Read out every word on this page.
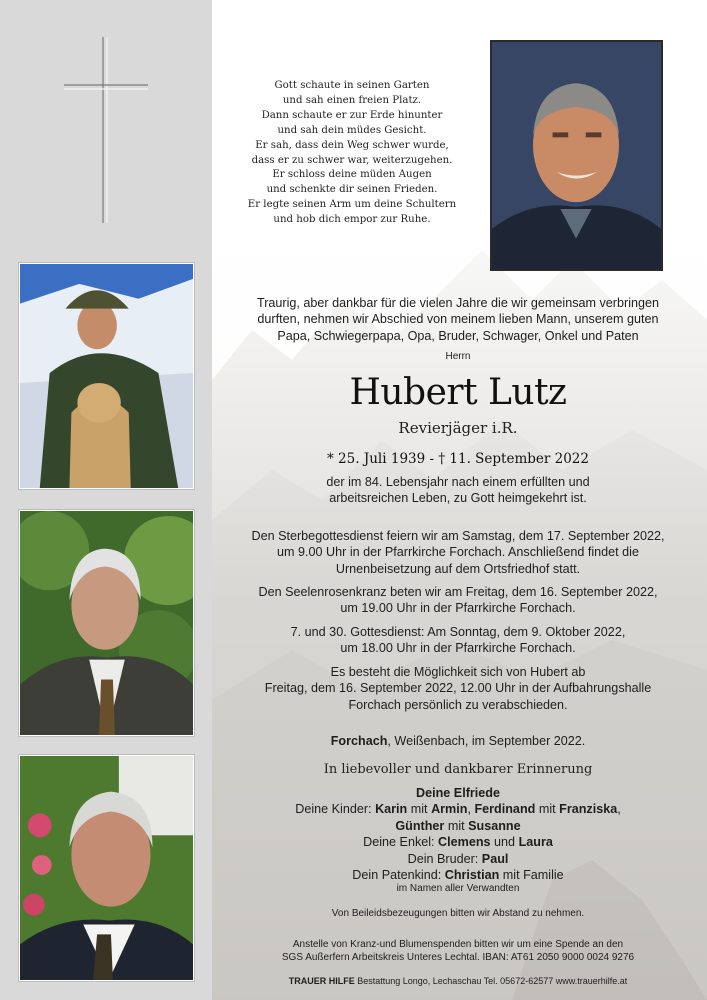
Gott schaute in seinen Garten
und sah einen freien Platz.
Dann schaute er zur Erde hinunter
und sah dein müdes Gesicht.
Er sah, dass dein Weg schwer wurde,
dass er zu schwer war, weiterzugehen.
Er schloss deine müden Augen
und schenkte dir seinen Frieden.
Er legte seinen Arm um deine Schultern
und hob dich empor zur Ruhe.
Traurig, aber dankbar für die vielen Jahre die wir gemeinsam verbringen
durften, nehmen wir Abschied von meinem lieben Mann, unserem guten
Papa, Schwiegerpapa, Opa, Bruder, Schwager, Onkel und Paten
Herrn
Hubert Lutz
Revierjäger i.R.
* 25. Juli 1939 - † 11. September 2022
der im 84. Lebensjahr nach einem erfüllten und
arbeitsreichen Leben, zu Gott heimgekehrt ist.
Den Sterbegottesdienst feiern wir am Samstag, dem 17. September 2022,
um 9.00 Uhr in der Pfarrkirche Forchach. Anschließend findet die
Urnenbeisetzung auf dem Ortsfriedhof statt.
Den Seelenrosenkranz beten wir am Freitag, dem 16. September 2022,
um 19.00 Uhr in der Pfarrkirche Forchach.
7. und 30. Gottesdienst: Am Sonntag, dem 9. Oktober 2022,
um 18.00 Uhr in der Pfarrkirche Forchach.
Es besteht die Möglichkeit sich von Hubert ab
Freitag, dem 16. September 2022, 12.00 Uhr in der Aufbahrungshalle
Forchach persönlich zu verabschieden.
Forchach, Weißenbach, im September 2022.
In liebevoller und dankbarer Erinnerung
Deine Elfriede
Deine Kinder: Karin mit Armin, Ferdinand mit Franziska,
Günther mit Susanne
Deine Enkel: Clemens und Laura
Dein Bruder: Paul
Dein Patenkind: Christian mit Familie
im Namen aller Verwandten
Von Beileidsbezeugungen bitten wir Abstand zu nehmen.
Anstelle von Kranz-und Blumenspenden bitten wir um eine Spende an den
SGS Außerfern Arbeitskreis Unteres Lechtal. IBAN: AT61 2050 9000 0024 9276
TRAUER HILFE Bestattung Longo, Lechaschau Tel. 05672-62577 www.trauerhilfe.at
